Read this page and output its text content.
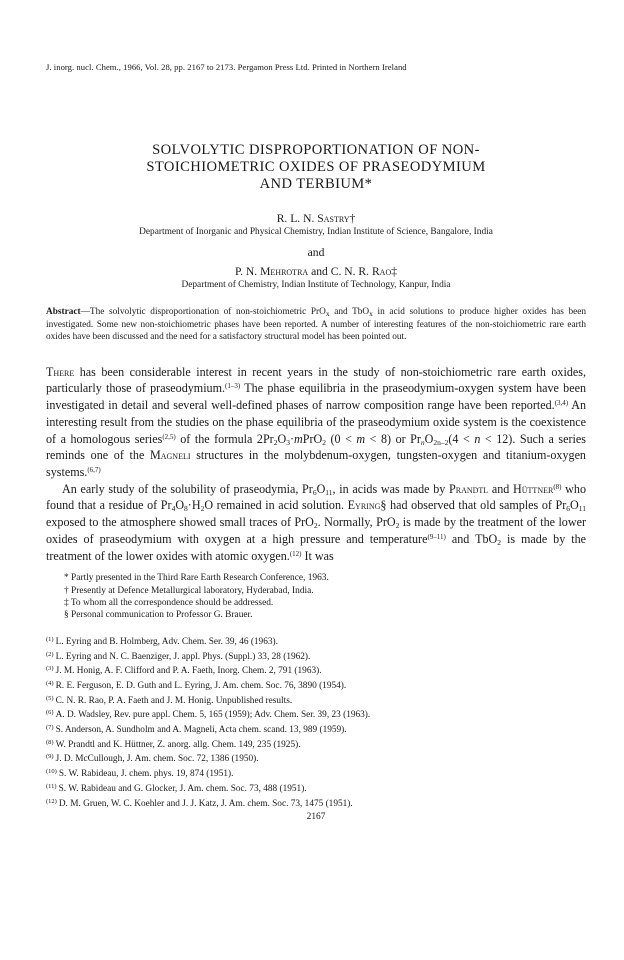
J. inorg. nucl. Chem., 1966, Vol. 28, pp. 2167 to 2173. Pergamon Press Ltd. Printed in Northern Ireland
SOLVOLYTIC DISPROPORTIONATION OF NON-
STOICHIOMETRIC OXIDES OF PRASEODYMIUM
AND TERBIUM*
R. L. N. Sastry†
Department of Inorganic and Physical Chemistry, Indian Institute of Science, Bangalore, India
and
P. N. Mehrotra and C. N. R. Rao‡
Department of Chemistry, Indian Institute of Technology, Kanpur, India
Abstract—The solvolytic disproportionation of non-stoichiometric PrO$_x$ and TbO$_x$ in acid solutions to produce higher oxides has been investigated. Some new non-stoichiometric phases have been reported. A number of interesting features of the non-stoichiometric rare earth oxides have been discussed and the need for a satisfactory structural model has been pointed out.

There has been considerable interest in recent years in the study of non-stoichiometric rare earth oxides, particularly those of praseodymium.$^{(1-3)}$ The phase equilibria in the praseodymium-oxygen system have been investigated in detail and several well-defined phases of narrow composition range have been reported.$^{(3,4)}$ An interesting result from the studies on the phase equilibria of the praseodymium oxide system is the coexistence of a homologous series$^{(2,5)}$ of the formula $2Pr_2O_3\cdot mPrO_2$ (0 < m < 8) or $Pr_nO_{2n-2}(4 < n < 12)$. Such a series reminds one of the Magneli structures in the molybdenum-oxygen, tungsten-oxygen and titanium-oxygen systems.$^{(6,7)}$

An early study of the solubility of praseodymia, $Pr_6O_{11}$, in acids was made by Prandtl and Hüttner$^{(8)}$ who found that a residue of $Pr_4O_8\cdot H_2O$ remained in acid solution. Eyring§ had observed that old samples of $Pr_6O_{11}$ exposed to the atmosphere showed small traces of PrO$_2$. Normally, PrO$_2$ is made by the treatment of the lower oxides of praseodymium with oxygen at a high pressure and temperature$^{(9-11)}$ and TbO$_2$ is made by the treatment of the lower oxides with atomic oxygen.$^{(12)}$ It was

* Partly presented in the Third Rare Earth Research Conference, 1963.
† Presently at Defence Metallurgical laboratory, Hyderabad, India.
‡ To whom all the correspondence should be addressed.
§ Personal communication to Professor G. Brauer.
$^{(1)}$ L. Eyring and B. Holmberg, Adv. Chem. Ser. 39, 46 (1963).
$^{(2)}$ L. Eyring and N. C. Baenziger, J. appl. Phys. (Suppl.) 33, 28 (1962).
$^{(3)}$ J. M. Honig, A. F. Clifford and P. A. Faeth, Inorg. Chem. 2, 791 (1963).
$^{(4)}$ R. E. Ferguson, E. D. Guth and L. Eyring, J. Am. chem. Soc. 76, 3890 (1954).
$^{(5)}$ C. N. R. Rao, P. A. Faeth and J. M. Honig. Unpublished results.
$^{(6)}$ A. D. Wadsley, Rev. pure appl. Chem. 5, 165 (1959); Adv. Chem. Ser. 39, 23 (1963).
$^{(7)}$ S. Anderson, A. Sundholm and A. Magneli, Acta chem. scand. 13, 989 (1959).
$^{(8)}$ W. Prandtl and K. Hüttner, Z. anorg. allg. Chem. 149, 235 (1925).
$^{(9)}$ J. D. McCullough, J. Am. chem. Soc. 72, 1386 (1950).
$^{(10)}$ S. W. Rabideau, J. chem. phys. 19, 874 (1951).
$^{(11)}$ S. W. Rabideau and G. Glocker, J. Am. chem. Soc. 73, 488 (1951).
$^{(12)}$ D. M. Gruen, W. C. Koehler and J. J. Katz, J. Am. chem. Soc. 73, 1475 (1951).
2167
